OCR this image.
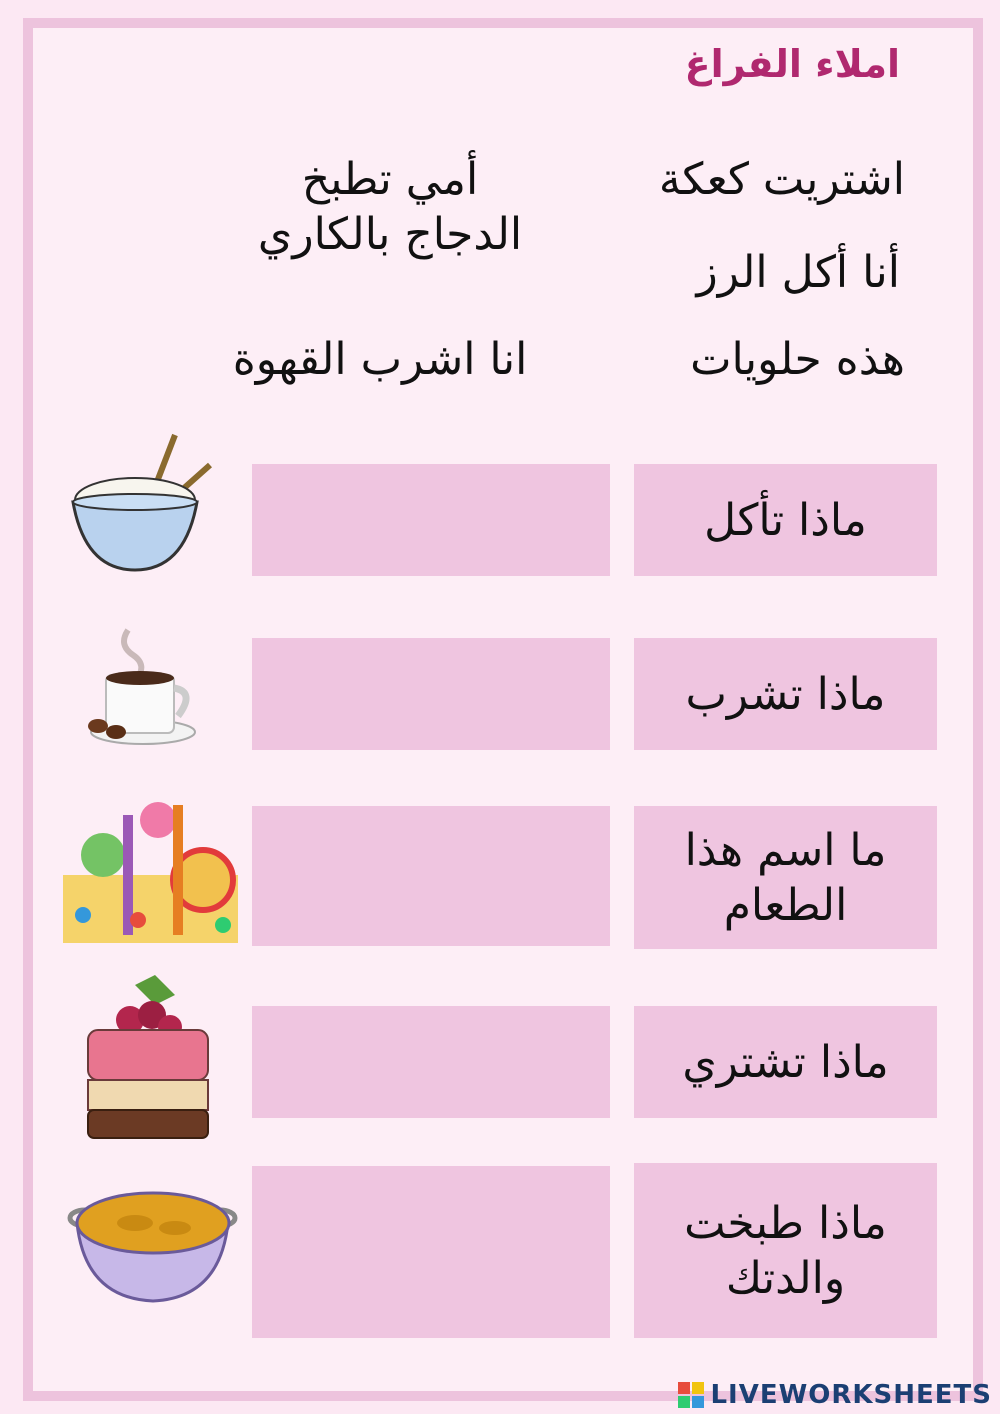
املاء الفراغ
اشتريت كعكة
أمي تطبخ الدجاج بالكاري
أنا أكل الرز
هذه حلويات
انا اشرب القهوة
ماذا تأكل
ماذا تشرب
ما اسم هذا الطعام
ماذا تشتري
ماذا طبخت والدتك
LIVEWORKSHEETS
